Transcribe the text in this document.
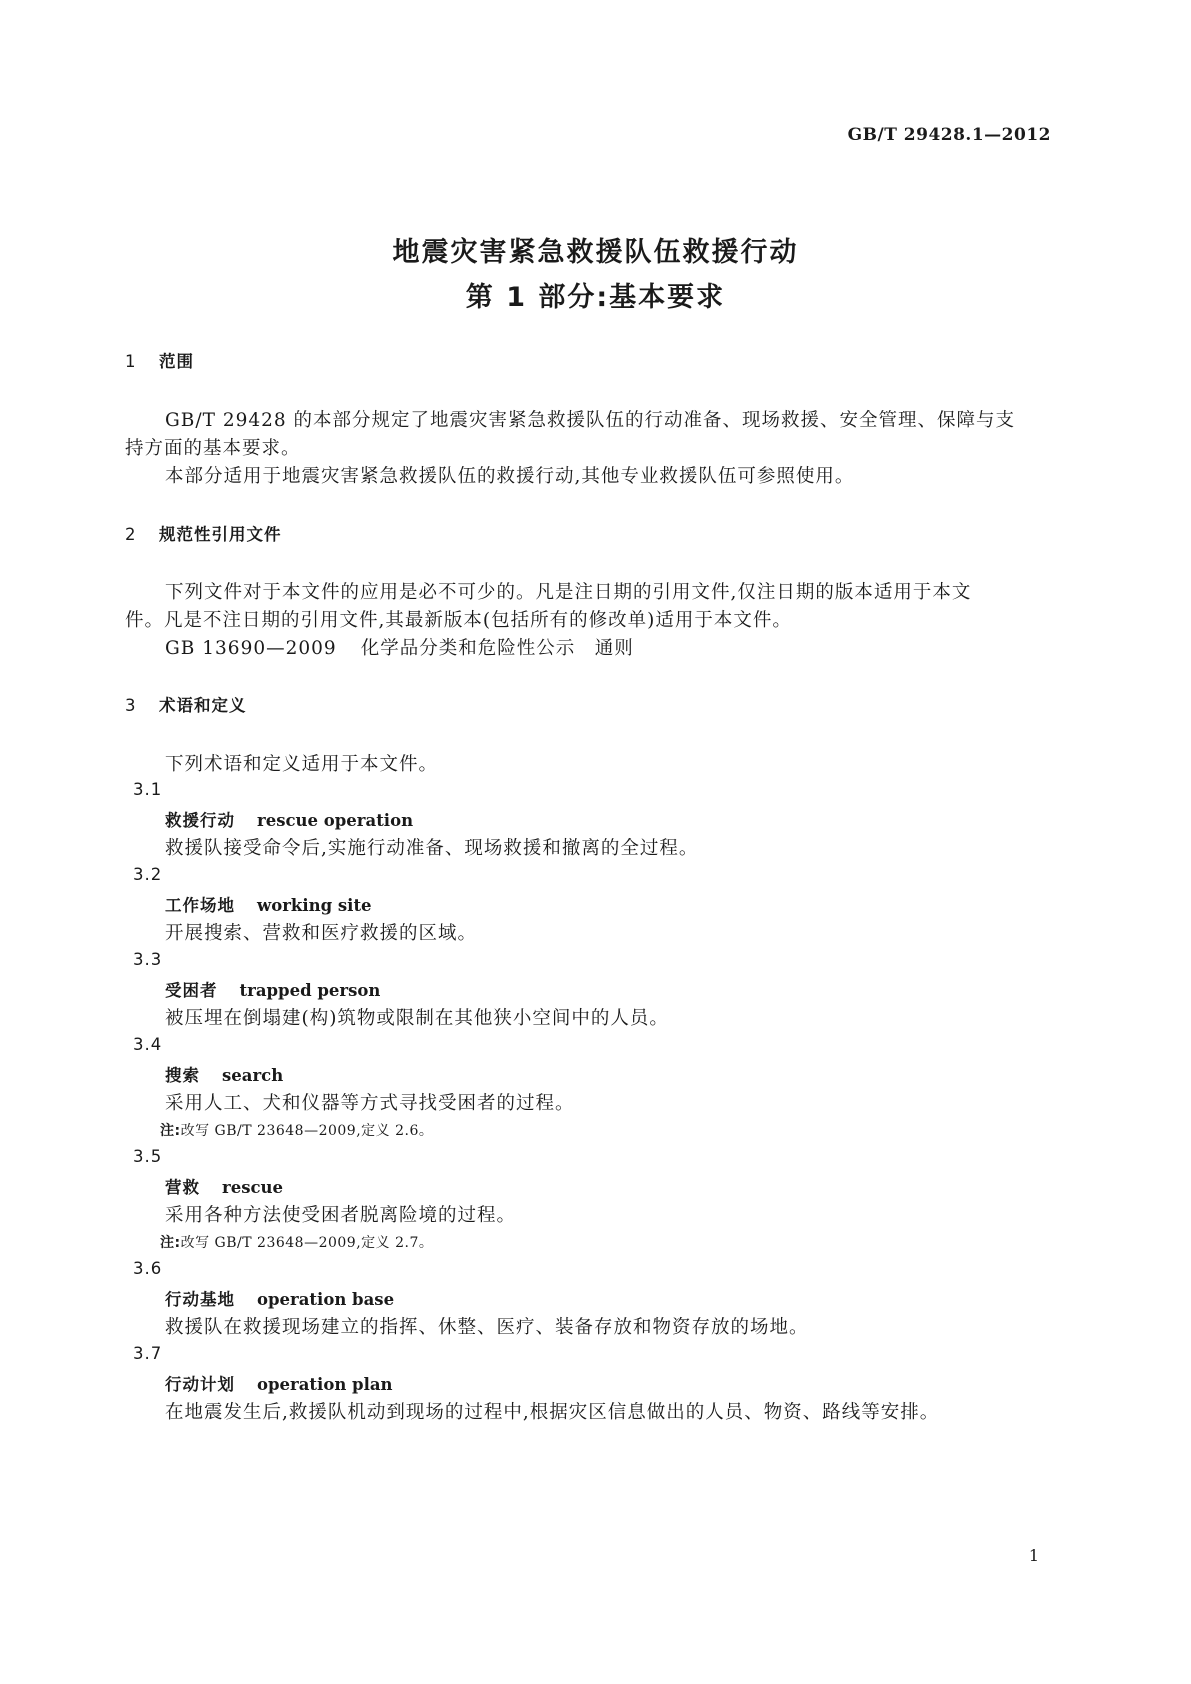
GB/T 29428.1—2012
地震灾害紧急救援队伍救援行动
第 1 部分:基本要求
1 范围
GB/T 29428 的本部分规定了地震灾害紧急救援队伍的行动准备、现场救援、安全管理、保障与支
持方面的基本要求。
本部分适用于地震灾害紧急救援队伍的救援行动,其他专业救援队伍可参照使用。
2 规范性引用文件
下列文件对于本文件的应用是必不可少的。凡是注日期的引用文件,仅注日期的版本适用于本文
件。凡是不注日期的引用文件,其最新版本(包括所有的修改单)适用于本文件。
GB 13690—2009 化学品分类和危险性公示　通则
3 术语和定义
下列术语和定义适用于本文件。
3.1
救援行动 rescue operation
救援队接受命令后,实施行动准备、现场救援和撤离的全过程。
3.2
工作场地 working site
开展搜索、营救和医疗救援的区域。
3.3
受困者 trapped person
被压埋在倒塌建(构)筑物或限制在其他狭小空间中的人员。
3.4
搜索 search
采用人工、犬和仪器等方式寻找受困者的过程。
注:改写 GB/T 23648—2009,定义 2.6。
3.5
营救 rescue
采用各种方法使受困者脱离险境的过程。
注:改写 GB/T 23648—2009,定义 2.7。
3.6
行动基地 operation base
救援队在救援现场建立的指挥、休整、医疗、装备存放和物资存放的场地。
3.7
行动计划 operation plan
在地震发生后,救援队机动到现场的过程中,根据灾区信息做出的人员、物资、路线等安排。
1
